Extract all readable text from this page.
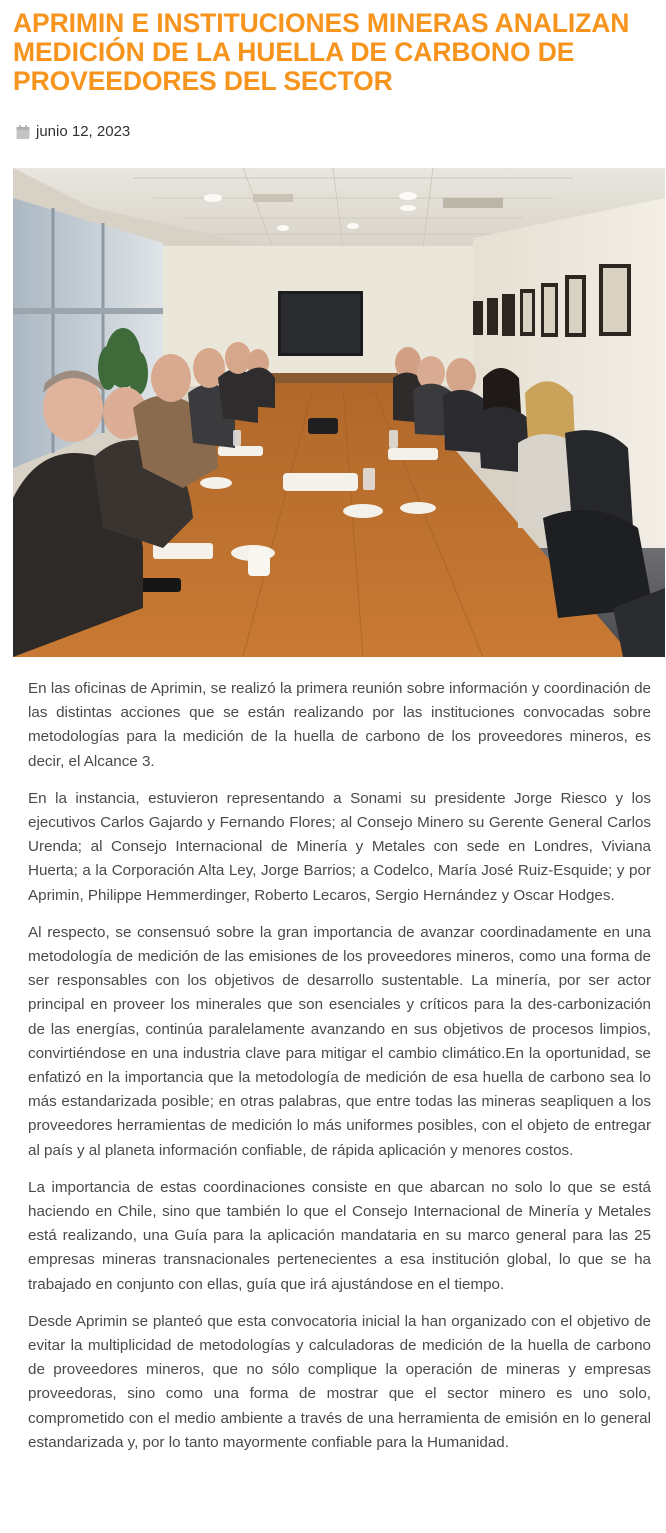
APRIMIN E INSTITUCIONES MINERAS ANALIZAN MEDICIÓN DE LA HUELLA DE CARBONO DE PROVEEDORES DEL SECTOR
junio 12, 2023

En las oficinas de Aprimin, se realizó la primera reunión sobre información y coordinación de las distintas acciones que se están realizando por las instituciones convocadas sobre metodologías para la medición de la huella de carbono de los proveedores mineros, es decir, el Alcance 3.

En la instancia, estuvieron representando a Sonami su presidente Jorge Riesco y los ejecutivos Carlos Gajardo y Fernando Flores; al Consejo Minero su Gerente General Carlos Urenda; al Consejo Internacional de Minería y Metales con sede en Londres, Viviana Huerta; a la Corporación Alta Ley, Jorge Barrios; a Codelco, María José Ruiz-Esquide; y por Aprimin, Philippe Hemmerdinger, Roberto Lecaros, Sergio Hernández y Oscar Hodges.

Al respecto, se consensuó sobre la gran importancia de avanzar coordinadamente en una metodología de medición de las emisiones de los proveedores mineros, como una forma de ser responsables con los objetivos de desarrollo sustentable. La minería, por ser actor principal en proveer los minerales que son esenciales y críticos para la des-carbonización de las energías, continúa paralelamente avanzando en sus objetivos de procesos limpios, convirtiéndose en una industria clave para mitigar el cambio climático.En la oportunidad, se enfatizó en la importancia que la metodología de medición de esa huella de carbono sea lo más estandarizada posible; en otras palabras, que entre todas las mineras seapliquen a los proveedores herramientas de medición lo más uniformes posibles, con el objeto de entregar al país y al planeta información confiable, de rápida aplicación y menores costos.

La importancia de estas coordinaciones consiste en que abarcan no solo lo que se está haciendo en Chile, sino que también lo que el Consejo Internacional de Minería y Metales está realizando, una Guía para la aplicación mandataria en su marco general para las 25 empresas mineras transnacionales pertenecientes a esa institución global, lo que se ha trabajado en conjunto con ellas, guía que irá ajustándose en el tiempo.

Desde Aprimin se planteó que esta convocatoria inicial la han organizado con el objetivo de evitar la multiplicidad de metodologías y calculadoras de medición de la huella de carbono de proveedores mineros, que no sólo complique la operación de mineras y empresas proveedoras, sino como una forma de mostrar que el sector minero es uno solo, comprometido con el medio ambiente a través de una herramienta de emisión en lo general estandarizada y, por lo tanto mayormente confiable para la Humanidad.
